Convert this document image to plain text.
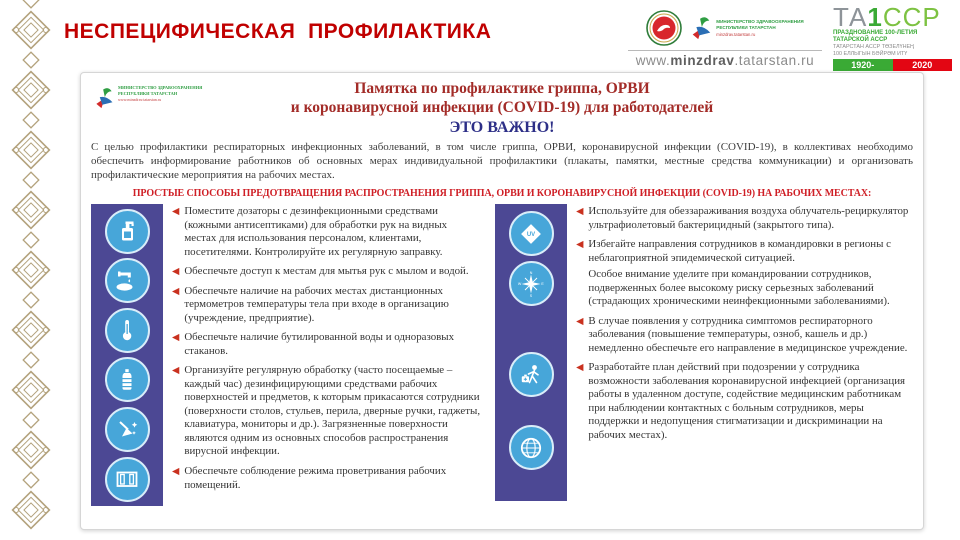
НЕСПЕЦИФИЧЕСКАЯ  ПРОФИЛАКТИКА	МИНИСТЕРСТВО ЗДРАВООХРАНЕНИЯ
РЕСПУБЛИКИ ТАТАРСТАН
minzdrav.tatarstan.ru
www.minzdrav.tatarstan.ru
ТА1ССР
ПРАЗДНОВАНИЕ 100-ЛЕТИЯ
ТАТАРСКОЙ АССР
ТАТАРСТАН АССР ТӨЗЕЛҮНЕҢ
100 ЕЛЛЫГЫН БӘЙРӘМ ИТҮ
1920-	2020
МИНИСТЕРСТВО ЗДРАВООХРАНЕНИЯ
РЕСПУБЛИКИ ТАТАРСТАН
www.minzdrav.tatarstan.ru
Памятка по профилактике гриппа, ОРВИ
и коронавирусной инфекции (COVID-19) для работодателей
ЭТО ВАЖНО!
С целью профилактики респираторных инфекционных заболеваний, в том числе гриппа, ОРВИ, коронавирусной инфекции (COVID-19), в коллективах необходимо обеспечить информирование работников об основных мерах индивидуальной профилактики (плакаты, памятки, местные средства коммуникации) и организовать профилактические мероприятия на рабочих местах.
ПРОСТЫЕ СПОСОБЫ ПРЕДОТВРАЩЕНИЯ РАСПРОСТРАНЕНИЯ ГРИППА, ОРВИ И КОРОНАВИРУСНОЙ ИНФЕКЦИИ (COVID-19) НА РАБОЧИХ МЕСТАХ:
◀ Поместите дозаторы с дезинфекционными средствами (кожными антисептиками) для обработки рук на видных местах для использования персоналом, клиентами, посетителями. Контролируйте их регулярную заправку.
◀ Обеспечьте доступ к местам для мытья рук с мылом и водой.
◀ Обеспечьте наличие на рабочих местах дистанционных термометров температуры тела при входе в организацию (учреждение, предприятие).
◀ Обеспечьте наличие бутилированной воды и одноразовых стаканов.
◀ Организуйте регулярную обработку (часто посещаемые – каждый час) дезинфицирующими средствами рабочих поверхностей и предметов, к которым прикасаются сотрудники (поверхности столов, стульев, перила, дверные ручки, гаджеты, клавиатура, мониторы и др.). Загрязненные поверхности являются одним из основных способов распространения вирусной инфекции.
◀ Обеспечьте соблюдение режима проветривания рабочих помещений.
UV
N
W	E
S
◀ Используйте для обеззараживания воздуха облучатель-рециркулятор ультрафиолетовый бактерицидный (закрытого типа).
◀ Избегайте направления сотрудников в командировки в регионы с неблагоприятной эпидемической ситуацией.
Особое внимание уделите при командировании сотрудников, подверженных более высокому риску серьезных заболеваний (страдающих хроническими неинфекционными заболеваниями).
◀ В случае появления у сотрудника симптомов респираторного заболевания (повышение температуры, озноб, кашель и др.) немедленно обеспечьте его направление в медицинское учреждение.
◀ Разработайте план действий при подозрении у сотрудника возможности заболевания коронавирусной инфекцией (организация работы в удаленном доступе, содействие медицинским работникам при наблюдении контактных с больным сотрудников, меры поддержки и недопущения стигматизации и дискриминации на рабочих местах).
